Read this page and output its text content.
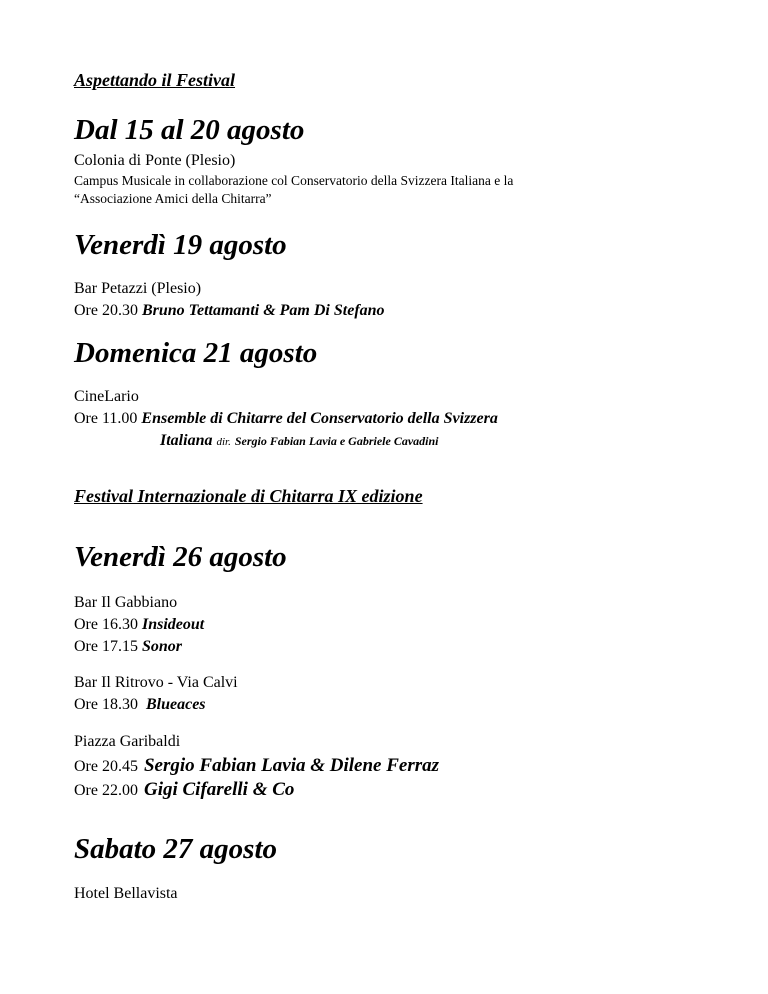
Aspettando il Festival
Dal 15 al 20 agosto
Colonia di Ponte (Plesio)
Campus Musicale in collaborazione col Conservatorio della Svizzera Italiana e la
“Associazione Amici della Chitarra”
Venerdì 19 agosto
Bar Petazzi (Plesio)
Ore 20.30 Bruno Tettamanti & Pam Di Stefano
Domenica 21 agosto
CineLario
Ore 11.00 Ensemble di Chitarre del Conservatorio della Svizzera
Italiana dir. Sergio Fabian Lavia e Gabriele Cavadini
Festival Internazionale di Chitarra IX edizione
Venerdì 26 agosto
Bar Il Gabbiano
Ore 16.30 Insideout
Ore 17.15 Sonor
Bar Il Ritrovo - Via Calvi
Ore 18.30 Blueaces
Piazza Garibaldi
Ore 20.45 Sergio Fabian Lavia & Dilene Ferraz
Ore 22.00 Gigi Cifarelli & Co
Sabato 27 agosto
Hotel Bellavista
